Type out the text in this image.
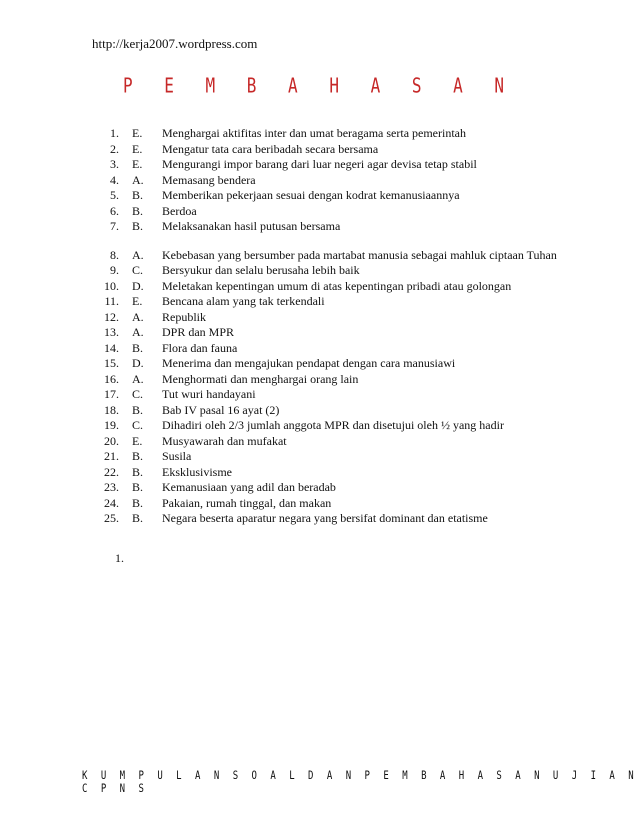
http://kerja2007.wordpress.com
P E M B A H A S A N
1. E.	Menghargai aktifitas inter dan umat beragama serta pemerintah
2. E.	Mengatur tata cara beribadah secara bersama
3. E.	Mengurangi impor barang dari luar negeri agar devisa tetap stabil
4. A.	Memasang bendera
5. B.	Memberikan pekerjaan sesuai dengan kodrat kemanusiaannya
6. B.	Berdoa
7. B.	Melaksanakan hasil putusan bersama
8. A.	Kebebasan yang bersumber pada martabat manusia sebagai mahluk ciptaan Tuhan
9. C.	Bersyukur dan selalu berusaha lebih baik
10. D.	Meletakan kepentingan umum di atas kepentingan pribadi atau golongan
11. E.	Bencana alam yang tak terkendali
12. A.	Republik
13. A.	DPR dan MPR
14. B.	Flora dan fauna
15. D.	Menerima dan mengajukan pendapat dengan cara manusiawi
16. A.	Menghormati dan menghargai orang lain
17. C.	Tut wuri handayani
18. B.	Bab IV pasal 16 ayat (2)
19. C.	Dihadiri oleh 2/3 jumlah anggota MPR dan disetujui oleh ½ yang hadir
20. E.	Musyawarah dan mufakat
21. B.	Susila
22. B.	Eksklusivisme
23. B.	Kemanusiaan yang adil dan beradab
24. B.	Pakaian, rumah tinggal, dan makan
25. B.	Negara beserta aparatur negara yang bersifat dominant dan etatisme
1.
K U M P U L A N S O A L D A N P E M B A H A S A N U J I A N C P N S
